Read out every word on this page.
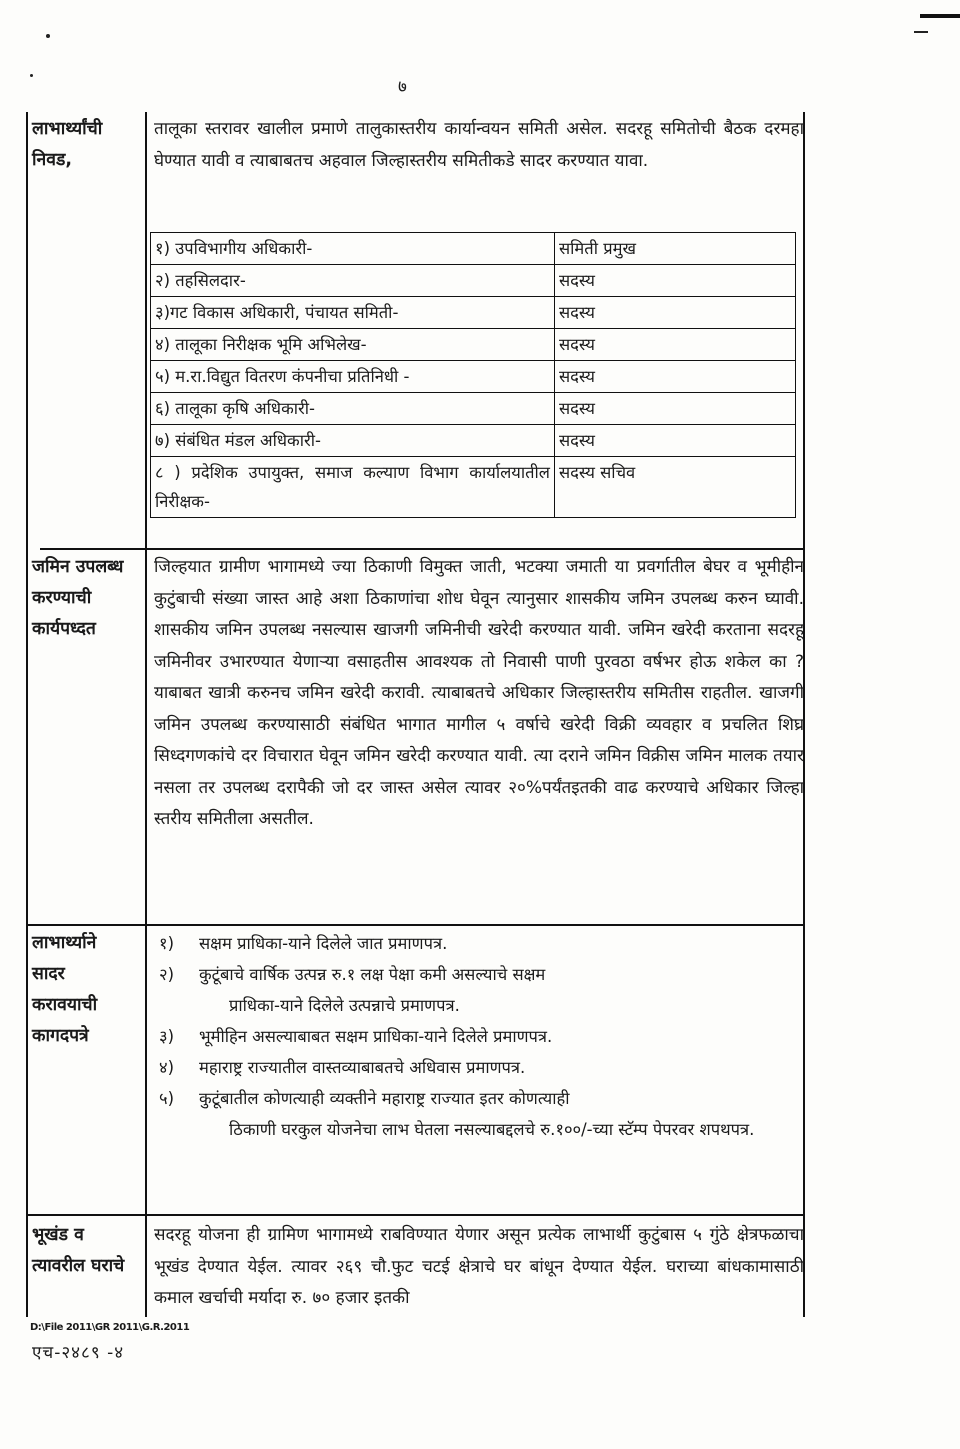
७
लाभार्थ्यांची निवड,

तालूका स्तरावर खालील प्रमाणे तालुकास्तरीय कार्यान्वयन समिती असेल. सदरहू समितोची बैठक दरमहा घेण्यात यावी व त्याबाबतच अहवाल जिल्हास्तरीय समितीकडे सादर करण्यात यावा.

१) उपविभागीय अधिकारी-	समिती प्रमुख
२) तहसिलदार-	सदस्य
३)गट विकास अधिकारी, पंचायत समिती-	सदस्य
४) तालूका निरीक्षक भूमि अभिलेख-	सदस्य
५) म.रा.विद्युत वितरण कंपनीचा प्रतिनिधी -	सदस्य
६) तालूका कृषि अधिकारी-	सदस्य
७) संबंधित मंडल अधिकारी-	सदस्य
८ ) प्रदेशिक उपायुक्त, समाज कल्याण विभाग कार्यालयातील निरीक्षक-	सदस्य सचिव
जमिन उपलब्ध करण्याची कार्यपध्दत

जिल्हयात ग्रामीण भागामध्ये ज्या ठिकाणी विमुक्त जाती, भटक्या जमाती या प्रवर्गातील बेघर व भूमीहीन कुटुंबाची संख्या जास्त आहे अशा ठिकाणांचा शोध घेवून त्यानुसार शासकीय जमिन उपलब्ध करुन घ्यावी. शासकीय जमिन उपलब्ध नसल्यास खाजगी जमिनीची खरेदी करण्यात यावी. जमिन खरेदी करताना सदरहू जमिनीवर उभारण्यात येणाऱ्या वसाहतीस आवश्यक तो निवासी पाणी पुरवठा वर्षभर होऊ शकेल का ? याबाबत खात्री करुनच जमिन खरेदी करावी. त्याबाबतचे अधिकार जिल्हास्तरीय समितीस राहतील. खाजगी जमिन उपलब्ध करण्यासाठी संबंधित भागात मागील ५ वर्षाचे खरेदी विक्री व्यवहार व प्रचलित शिघ्र सिध्दगणकांचे दर विचारात घेवून जमिन खरेदी करण्यात यावी. त्या दराने जमिन विक्रीस जमिन मालक तयार नसला तर उपलब्ध दरापैकी जो दर जास्त असेल त्यावर २०%पर्यंतइतकी वाढ करण्याचे अधिकार जिल्हा स्तरीय समितीला असतील.

लाभार्थ्याने सादर करावयाची कागदपत्रे
१) सक्षम प्राधिका-याने दिलेले जात प्रमाणपत्र.
२) कुटूंबाचे वार्षिक उत्पन्न रु.१ लक्ष पेक्षा कमी असल्याचे सक्षम
प्राधिका-याने दिलेले उत्पन्नाचे प्रमाणपत्र.
३) भूमीहिन असल्याबाबत सक्षम प्राधिका-याने दिलेले प्रमाणपत्र.
४) महाराष्ट्र राज्यातील वास्तव्याबाबतचे अधिवास प्रमाणपत्र.
५) कुटूंबातील कोणत्याही व्यक्तीने महाराष्ट्र राज्यात इतर कोणत्याही
ठिकाणी घरकुल योजनेचा लाभ घेतला नसल्याबद्दलचे रु.१००/-च्या स्टॅम्प पेपरवर शपथपत्र.
भूखंड व त्यावरील घराचे

सदरहू योजना ही ग्रामिण भागामध्ये राबविण्यात येणार असून प्रत्येक लाभार्थी कुटुंबास ५ गुंठे क्षेत्रफळाचा भूखंड देण्यात येईल. त्यावर २६९ चौ.फुट चटई क्षेत्राचे घर बांधून देण्यात येईल. घराच्या बांधकामासाठी कमाल खर्चाची मर्यादा रु. ७० हजार इतकी

D:\File 2011\GR 2011\G.R.2011
एच-२४८९ -४
